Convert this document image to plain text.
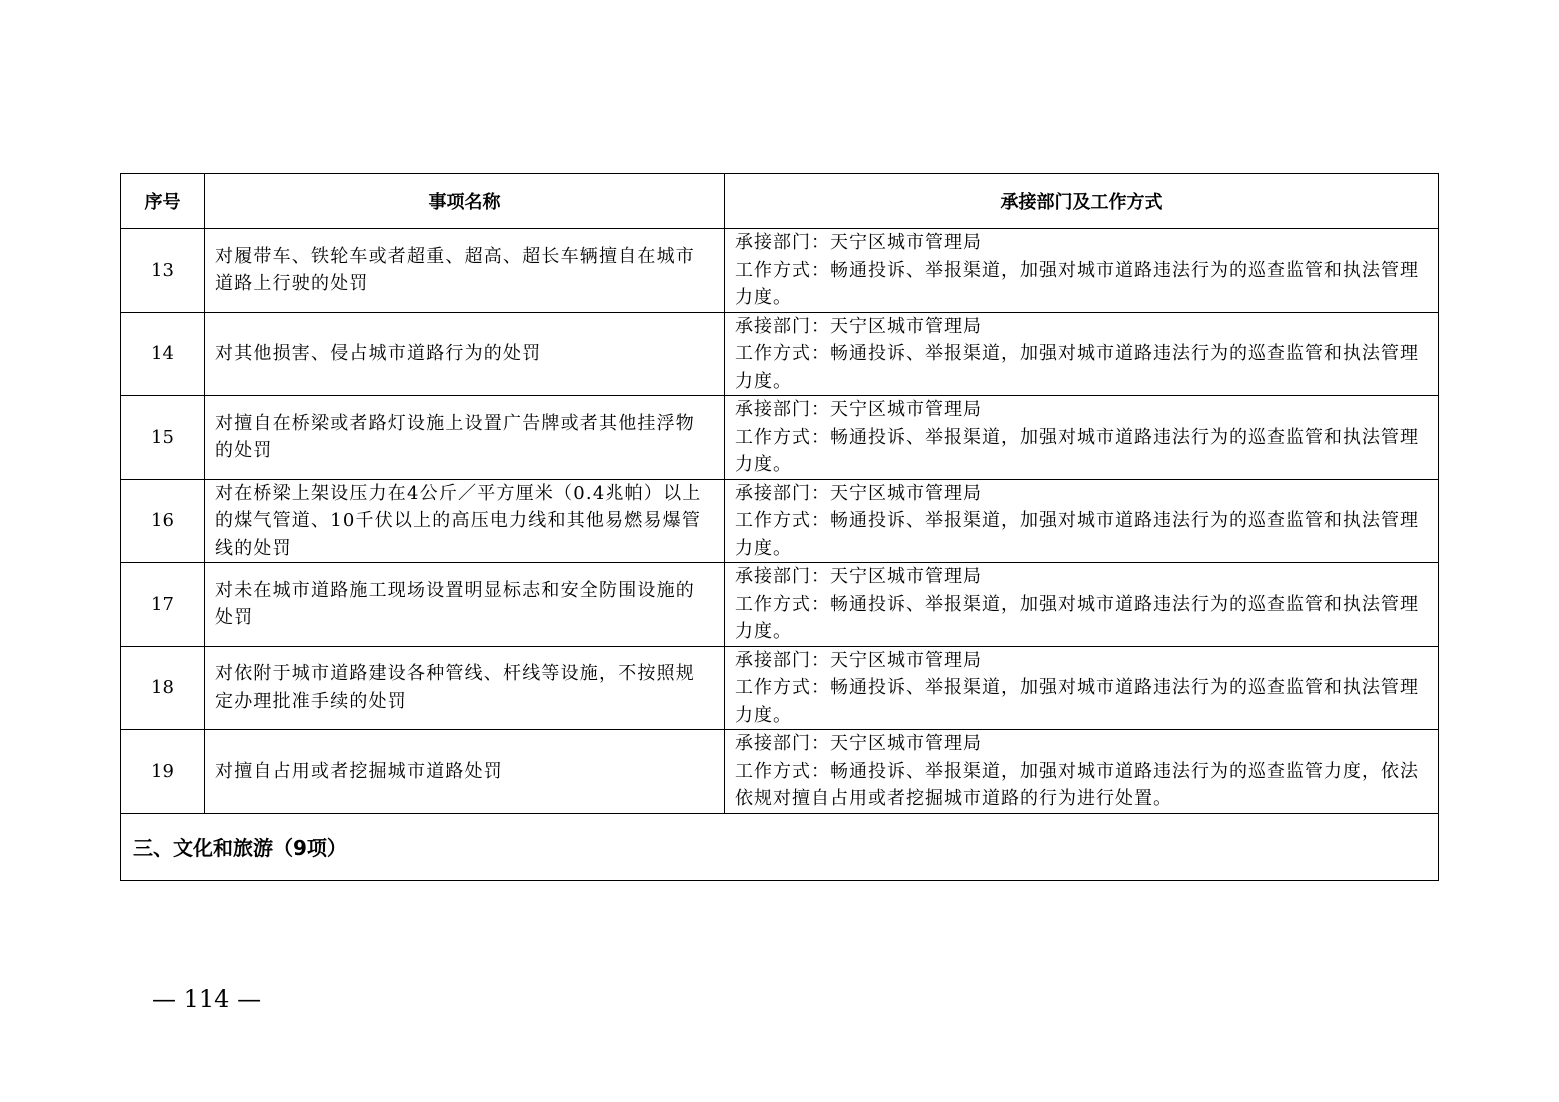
序号	事项名称	承接部门及工作方式
13	对履带车、铁轮车或者超重、超高、超长车辆擅自在城市道路上行驶的处罚	承接部门：天宁区城市管理局
工作方式：畅通投诉、举报渠道，加强对城市道路违法行为的巡查监管和执法管理
力度。

14	对其他损害、侵占城市道路行为的处罚	承接部门：天宁区城市管理局
工作方式：畅通投诉、举报渠道，加强对城市道路违法行为的巡查监管和执法管理
力度。

15	对擅自在桥梁或者路灯设施上设置广告牌或者其他挂浮物的处罚	承接部门：天宁区城市管理局
工作方式：畅通投诉、举报渠道，加强对城市道路违法行为的巡查监管和执法管理
力度。

16	对在桥梁上架设压力在4公斤／平方厘米（0.4兆帕）以上的煤气管道、10千伏以上的高压电力线和其他易燃易爆管线的处罚	承接部门：天宁区城市管理局
工作方式：畅通投诉、举报渠道，加强对城市道路违法行为的巡查监管和执法管理
力度。

17	对未在城市道路施工现场设置明显标志和安全防围设施的处罚	承接部门：天宁区城市管理局
工作方式：畅通投诉、举报渠道，加强对城市道路违法行为的巡查监管和执法管理
力度。

18	对依附于城市道路建设各种管线、杆线等设施，不按照规定办理批准手续的处罚	承接部门：天宁区城市管理局
工作方式：畅通投诉、举报渠道，加强对城市道路违法行为的巡查监管和执法管理
力度。

19	对擅自占用或者挖掘城市道路处罚	承接部门：天宁区城市管理局
工作方式：畅通投诉、举报渠道，加强对城市道路违法行为的巡查监管力度，依法
依规对擅自占用或者挖掘城市道路的行为进行处置。

三、文化和旅游（9项）		
— 114 —
